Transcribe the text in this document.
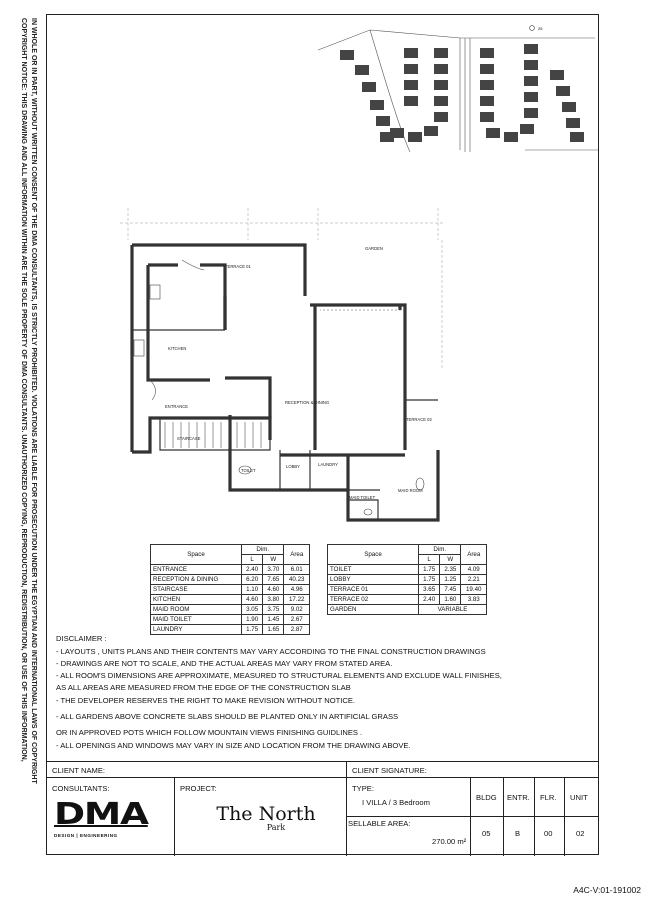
COPYRIGHT NOTICE: THIS DRAWING AND ALL INFORMATION WITHIN ARE THE SOLE PROPERTY OF DMA CONSULTANTS. UNAUTHORIZED COPYING, REPRODUCTION, REDISTRIBUTION, OR USE OF THIS INFORMATION, IN WHOLE OR IN PART, WITHOUT WRITTEN CONSENT OF THE DMA CONSULTANTS, IS STRICTLY PROHIBITED. VIOLATIONS ARE LIABLE FOR PROSECUTION UNDER THE EGYPTIAN AND INTERNATIONAL LAWS OF COPYRIGHT	25
GARDEN
TERRACE 01
KITCHEN
ENTRANCE
STAIRCASE
RECEPTION & DINING
TERRACE 02
TOILET
LOBBY	LAUNDRY
MAID TOILET
MAID ROOM
Space	Dim.		Area
	L	W	
ENTRANCE	2.40	3.70	6.01
RECEPTION & DINING	6.20	7.65	40.23
STAIRCASE	1.10	4.60	4.96
KITCHEN	4.60	3.80	17.22
MAID ROOM	3.05	3.75	9.02
MAID TOILET	1.90	1.45	2.67
LAUNDRY	1.75	1.65	2.87
Space	Dim.		Area
	L	W	
TOILET	1.75	2.35	4.09
LOBBY	1.75	1.25	2.21
TERRACE 01	3.65	7.45	19.40
TERRACE 02	2.40	1.60	3.83
GARDEN	VARIABLE		
DISCLAIMER :
- LAYOUTS , UNITS PLANS AND THEIR CONTENTS MAY VARY ACCORDING TO THE FINAL CONSTRUCTION DRAWINGS
- DRAWINGS ARE NOT TO SCALE, AND THE ACTUAL AREAS MAY VARY FROM STATED AREA.
- ALL ROOM'S DIMENSIONS ARE APPROXIMATE, MEASURED TO STRUCTURAL ELEMENTS AND EXCLUDE WALL FINISHES,
AS ALL AREAS ARE MEASURED FROM THE EDGE OF THE CONSTRUCTION SLAB
- THE DEVELOPER RESERVES THE RIGHT TO MAKE REVISION WITHOUT NOTICE.
- ALL GARDENS ABOVE CONCRETE SLABS SHOULD BE PLANTED ONLY IN ARTIFICIAL GRASS
OR IN APPROVED POTS WHICH FOLLOW MOUNTAIN VIEWS FINISHING GUIDLINES .
- ALL OPENINGS AND WINDOWS MAY VARY IN SIZE AND LOCATION FROM THE DRAWING ABOVE.
CLIENT NAME:	CLIENT SIGNATURE:
CONSULTANTS:	PROJECT:	TYPE:
I VILLA / 3 Bedroom
SELLABLE AREA:
270.00 m²
BLDG
05
ENTR.
B
FLR.
00
UNIT
02
DMA
DESIGN | ENGINEERING
The North
Park
A4C-V:01-191002
